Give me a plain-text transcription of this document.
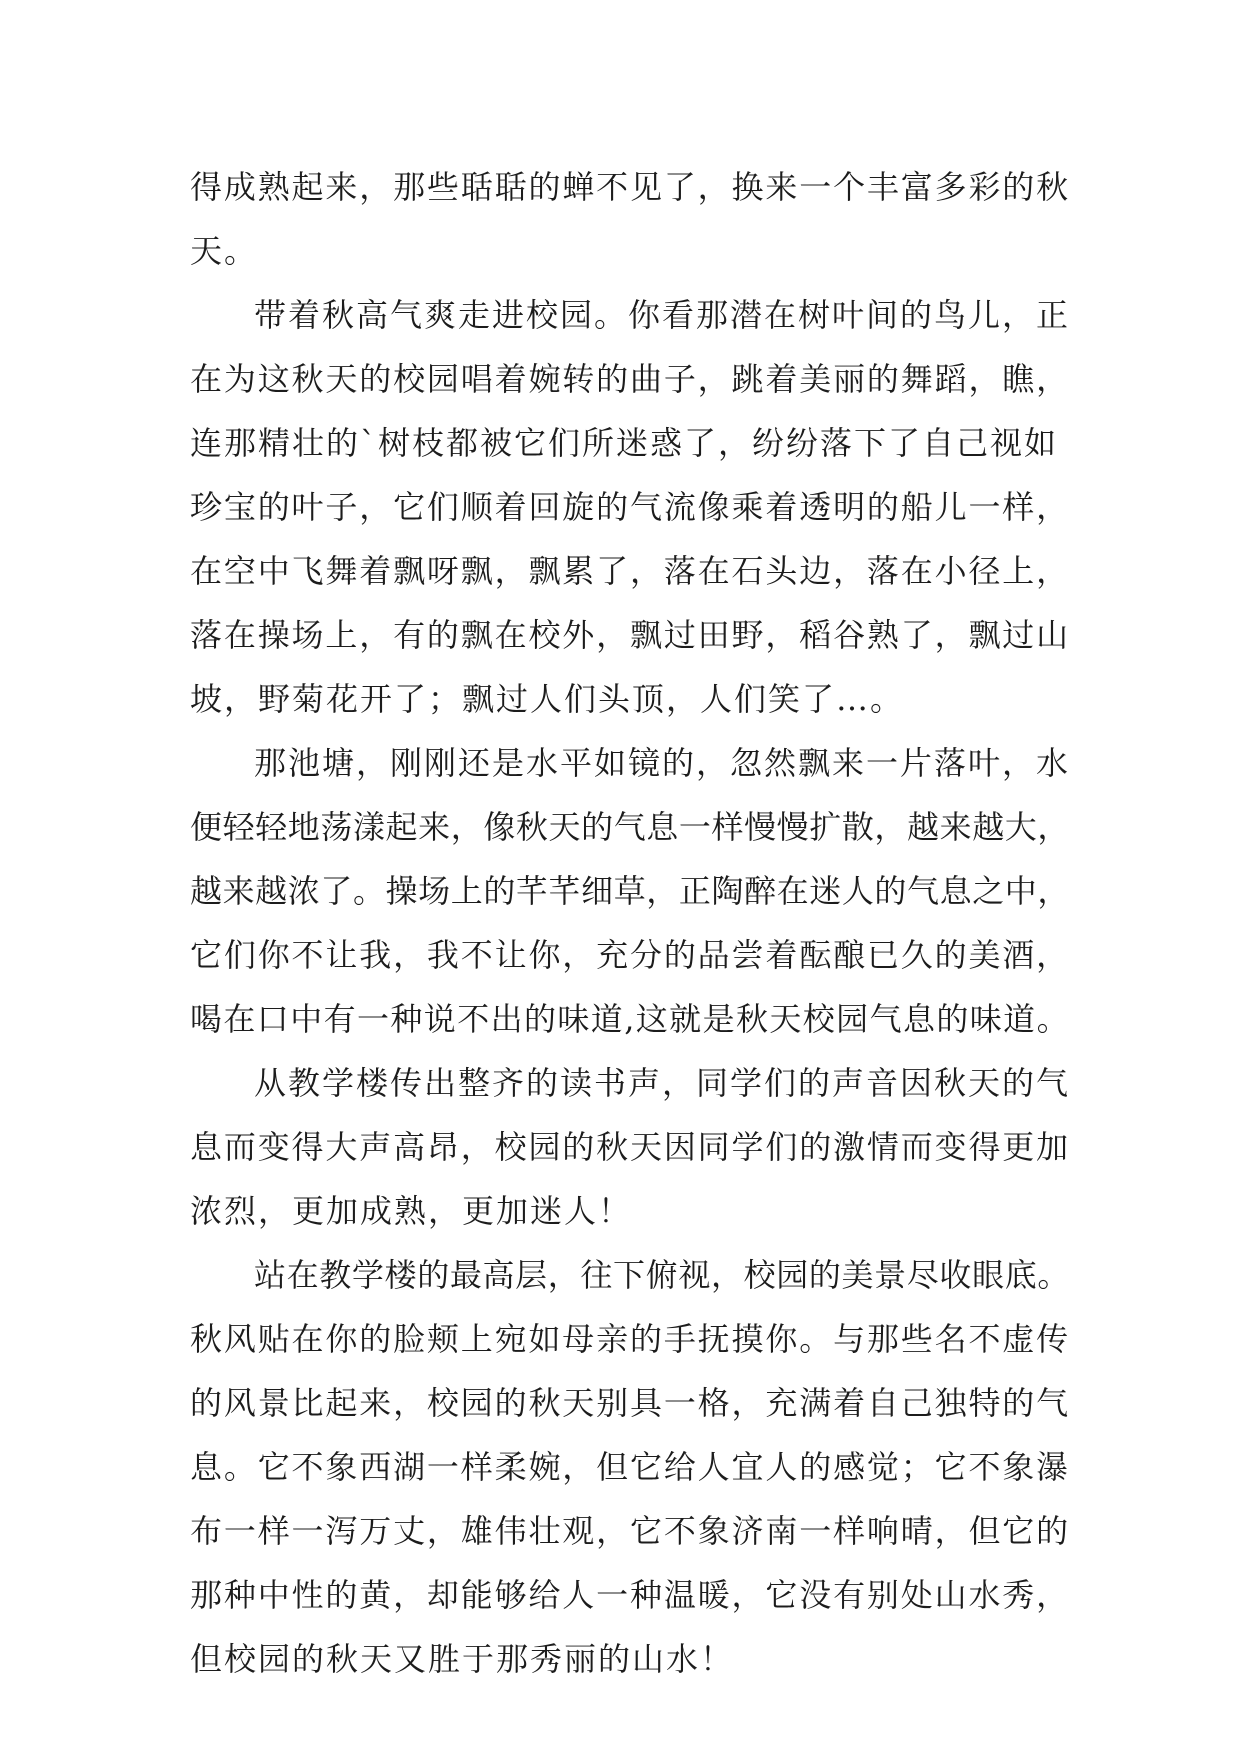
得成熟起来，那些聒聒的蝉不见了，换来一个丰富多彩的秋
天。
带着秋高气爽走进校园。你看那潜在树叶间的鸟儿，正
在为这秋天的校园唱着婉转的曲子，跳着美丽的舞蹈，瞧，
连那精壮的`树枝都被它们所迷惑了，纷纷落下了自己视如
珍宝的叶子，它们顺着回旋的气流像乘着透明的船儿一样，
在空中飞舞着飘呀飘，飘累了，落在石头边，落在小径上，
落在操场上，有的飘在校外，飘过田野，稻谷熟了，飘过山
坡，野菊花开了；飘过人们头顶，人们笑了…。
那池塘，刚刚还是水平如镜的，忽然飘来一片落叶，水
便轻轻地荡漾起来，像秋天的气息一样慢慢扩散，越来越大，
越来越浓了。操场上的芊芊细草，正陶醉在迷人的气息之中，
它们你不让我，我不让你，充分的品尝着酝酿已久的美酒，
喝在口中有一种说不出的味道,这就是秋天校园气息的味道。
从教学楼传出整齐的读书声，同学们的声音因秋天的气
息而变得大声高昂，校园的秋天因同学们的激情而变得更加
浓烈，更加成熟，更加迷人！
站在教学楼的最高层，往下俯视，校园的美景尽收眼底。
秋风贴在你的脸颊上宛如母亲的手抚摸你。与那些名不虚传
的风景比起来，校园的秋天别具一格，充满着自己独特的气
息。它不象西湖一样柔婉，但它给人宜人的感觉；它不象瀑
布一样一泻万丈，雄伟壮观，它不象济南一样响晴，但它的
那种中性的黄，却能够给人一种温暖，它没有别处山水秀，
但校园的秋天又胜于那秀丽的山水！
